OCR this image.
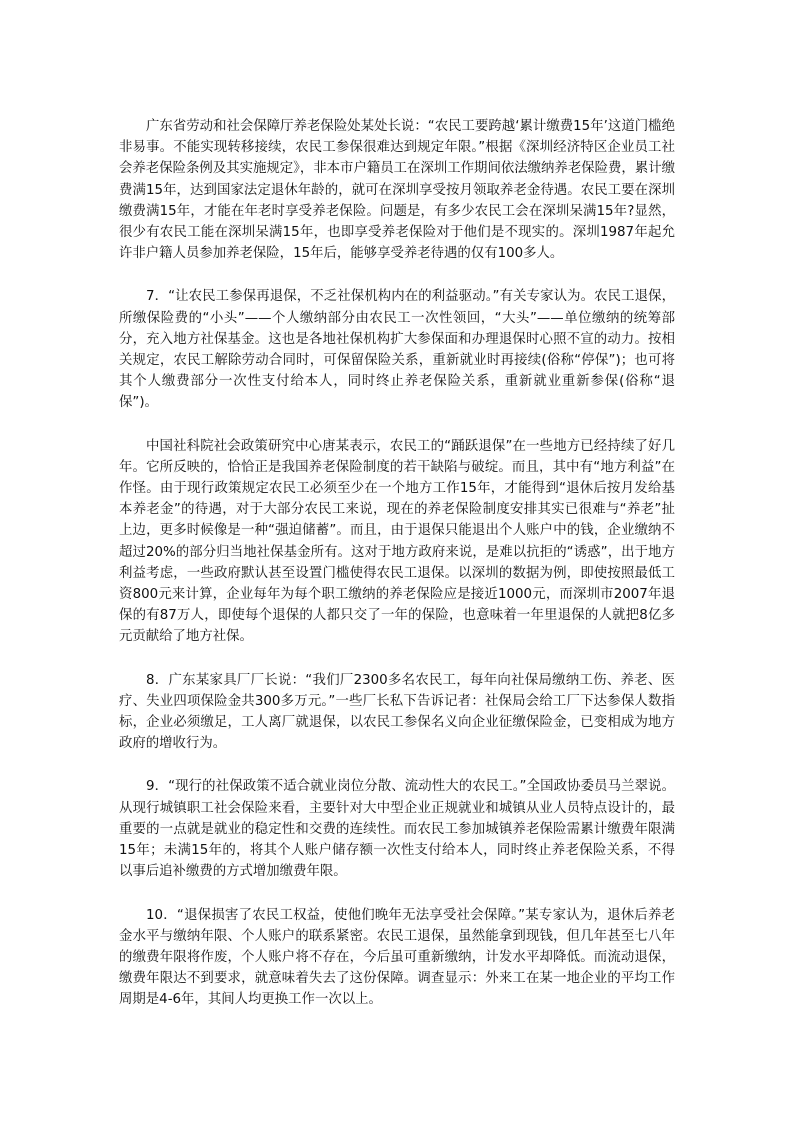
广东省劳动和社会保障厅养老保险处某处长说：“农民工要跨越‘累计缴费15年’这道门槛绝非易事。不能实现转移接续，农民工参保很难达到规定年限。”根据《深圳经济特区企业员工社会养老保险条例及其实施规定》，非本市户籍员工在深圳工作期间依法缴纳养老保险费，累计缴费满15年，达到国家法定退休年龄的，就可在深圳享受按月领取养老金待遇。农民工要在深圳缴费满15年，才能在年老时享受养老保险。问题是，有多少农民工会在深圳呆满15年?显然，很少有农民工能在深圳呆满15年，也即享受养老保险对于他们是不现实的。深圳1987年起允许非户籍人员参加养老保险，15年后，能够享受养老待遇的仅有100多人。

7．“让农民工参保再退保，不乏社保机构内在的利益驱动。”有关专家认为。农民工退保，所缴保险费的“小头”——个人缴纳部分由农民工一次性领回，“大头”——单位缴纳的统筹部分，充入地方社保基金。这也是各地社保机构扩大参保面和办理退保时心照不宣的动力。按相关规定，农民工解除劳动合同时，可保留保险关系，重新就业时再接续(俗称“停保”)；也可将其个人缴费部分一次性支付给本人，同时终止养老保险关系，重新就业重新参保(俗称“退保”)。

中国社科院社会政策研究中心唐某表示，农民工的“踊跃退保”在一些地方已经持续了好几年。它所反映的，恰恰正是我国养老保险制度的若干缺陷与破绽。而且，其中有“地方利益”在作怪。由于现行政策规定农民工必须至少在一个地方工作15年，才能得到“退休后按月发给基本养老金”的待遇，对于大部分农民工来说，现在的养老保险制度安排其实已很难与“养老”扯上边，更多时候像是一种“强迫储蓄”。而且，由于退保只能退出个人账户中的钱，企业缴纳不超过20%的部分归当地社保基金所有。这对于地方政府来说，是难以抗拒的“诱惑”，出于地方利益考虑，一些政府默认甚至设置门槛使得农民工退保。以深圳的数据为例，即使按照最低工资800元来计算，企业每年为每个职工缴纳的养老保险应是接近1000元，而深圳市2007年退保的有87万人，即使每个退保的人都只交了一年的保险，也意味着一年里退保的人就把8亿多元贡献给了地方社保。

8．广东某家具厂厂长说：“我们厂2300多名农民工，每年向社保局缴纳工伤、养老、医疗、失业四项保险金共300多万元。”一些厂长私下告诉记者：社保局会给工厂下达参保人数指标，企业必须缴足，工人离厂就退保，以农民工参保名义向企业征缴保险金，已变相成为地方政府的增收行为。

9．“现行的社保政策不适合就业岗位分散、流动性大的农民工。”全国政协委员马兰翠说。从现行城镇职工社会保险来看，主要针对大中型企业正规就业和城镇从业人员特点设计的，最重要的一点就是就业的稳定性和交费的连续性。而农民工参加城镇养老保险需累计缴费年限满15年；未满15年的，将其个人账户储存额一次性支付给本人，同时终止养老保险关系，不得以事后追补缴费的方式增加缴费年限。

10．“退保损害了农民工权益，使他们晚年无法享受社会保障。”某专家认为，退休后养老金水平与缴纳年限、个人账户的联系紧密。农民工退保，虽然能拿到现钱，但几年甚至七八年的缴费年限将作废，个人账户将不存在，今后虽可重新缴纳，计发水平却降低。而流动退保，缴费年限达不到要求，就意味着失去了这份保障。调查显示：外来工在某一地企业的平均工作周期是4-6年，其间人均更换工作一次以上。
